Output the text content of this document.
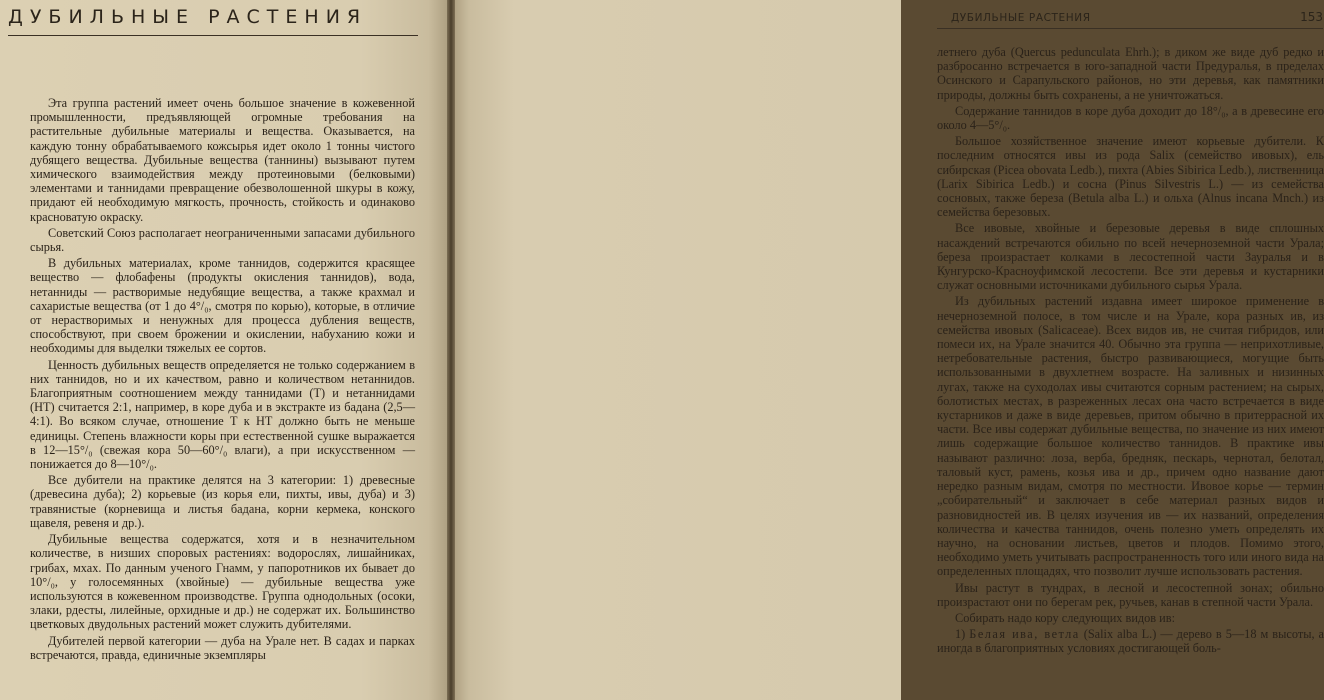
ДУБИЛЬНЫЕ РАСТЕНИЯ

Эта группа растений имеет очень большое значение в кожевенной промышленности, предъявляющей огромные требования на растительные дубильные материалы и вещества. Оказывается, на каждую тонну обрабатываемого кожсырья идет около 1 тонны чистого дубящего вещества. Дубильные вещества (таннины) вызывают путем химического взаимодействия между протеиновыми (белковыми) элементами и таннидами превращение обезволошенной шкуры в кожу, придают ей необходимую мягкость, прочность, стойкость и одинаково красноватую окраску.

Советский Союз располагает неограниченными запасами дубильного сырья.

В дубильных материалах, кроме таннидов, содержится красящее вещество — флобафены (продукты окисления таннидов), вода, нетанниды — растворимые недубящие вещества, а также крахмал и сахаристые вещества (от 1 до 4°/₀, смотря по корью), которые, в отличие от нерастворимых и ненужных для процесса дубления веществ, способствуют, при своем брожении и окислении, набуханию кожи и необходимы для выделки тяжелых ее сортов.

Ценность дубильных веществ определяется не только содержанием в них таннидов, но и их качеством, равно и количеством нетаннидов. Благоприятным соотношением между таннидами (Т) и нетаннидами (НТ) считается 2:1, например, в коре дуба и в экстракте из бадана (2,5—4:1). Во всяком случае, отношение Т к НТ должно быть не меньше единицы. Степень влажности коры при естественной сушке выражается в 12—15°/₀ (свежая кора 50—60°/₀ влаги), а при искусственном — понижается до 8—10°/₀.

Все дубители на практике делятся на 3 категории: 1) древесные (древесина дуба); 2) корьевые (из корья ели, пихты, ивы, дуба) и 3) травянистые (корневища и листья бадана, корни кермека, конского щавеля, ревеня и др.).

Дубильные вещества содержатся, хотя и в незначительном количестве, в низших споровых растениях: водорослях, лишайниках, грибах, мхах. По данным ученого Гнамм, у папоротников их бывает до 10°/₀, у голосемянных (хвойные) — дубильные вещества уже используются в кожевенном производстве. Группа однодольных (осоки, злаки, рдесты, лилейные, орхидные и др.) не содержат их. Большинство цветковых двудольных растений может служить дубителями.

Дубителей первой категории — дуба на Урале нет. В садах и парках встречаются, правда, единичные экземпляры

ДУБИЛЬНЫЕ РАСТЕНИЯ	153

летнего дуба (Quercus pedunculata Ehrh.); в диком же виде дуб редко и разбросанно встречается в юго-западной части Предуралья, в пределах Осинского и Сарапульского районов, но эти деревья, как памятники природы, должны быть сохранены, а не уничтожаться.

Содержание таннидов в коре дуба доходит до 18°/₀, а в древесине его около 4—5°/₀.

Большое хозяйственное значение имеют корьевые дубители. К последним относятся ивы из рода Salix (семейство ивовых), ель сибирская (Picea obovata Ledb.), пихта (Abies Sibirica Ledb.), лиственница (Larix Sibirica Ledb.) и сосна (Pinus Silvestris L.) — из семейства сосновых, также береза (Betula alba L.) и ольха (Alnus incana Mnch.) из семейства березовых.

Все ивовые, хвойные и березовые деревья в виде сплошных насаждений встречаются обильно по всей нечерноземной части Урала; береза произрастает колками в лесостепной части Зауралья и в Кунгурско-Красноуфимской лесостепи. Все эти деревья и кустарники служат основными источниками дубильного сырья Урала.

Из дубильных растений издавна имеет широкое применение в нечерноземной полосе, в том числе и на Урале, кора разных ив, из семейства ивовых (Salicaceae). Всех видов ив, не считая гибридов, или помеси их, на Урале значится 40. Обычно эта группа — неприхотливые, нетребовательные растения, быстро развивающиеся, могущие быть использованными в двухлетнем возрасте. На заливных и низинных лугах, также на суходолах ивы считаются сорным растением; на сырых, болотистых местах, в разреженных лесах она часто встречается в виде кустарников и даже в виде деревьев, притом обычно в притеррасной их части. Все ивы содержат дубильные вещества, по значение из них имеют лишь содержащие большое количество таннидов. В практике ивы называют различно: лоза, верба, бредняк, пескарь, чернотал, белотал, таловый куст, рамень, козья ива и др., причем одно название дают нередко разным видам, смотря по местности. Ивовое корье — термин „собирательный“ и заключает в себе материал разных видов и разновидностей ив. В целях изучения ив — их названий, определения количества и качества таннидов, очень полезно уметь определять их научно, на основании листьев, цветов и плодов. Помимо этого, необходимо уметь учитывать распространенность того или иного вида на определенных площадях, что позволит лучше использовать растения.

Ивы растут в тундрах, в лесной и лесостепной зонах; обильно произрастают они по берегам рек, ручьев, канав в степной части Урала.

Собирать надо кору следующих видов ив:

1) Белая ива, ветла (Salix alba L.) — дерево в 5—18 м высоты, а иногда в благоприятных условиях достигающей боль-
